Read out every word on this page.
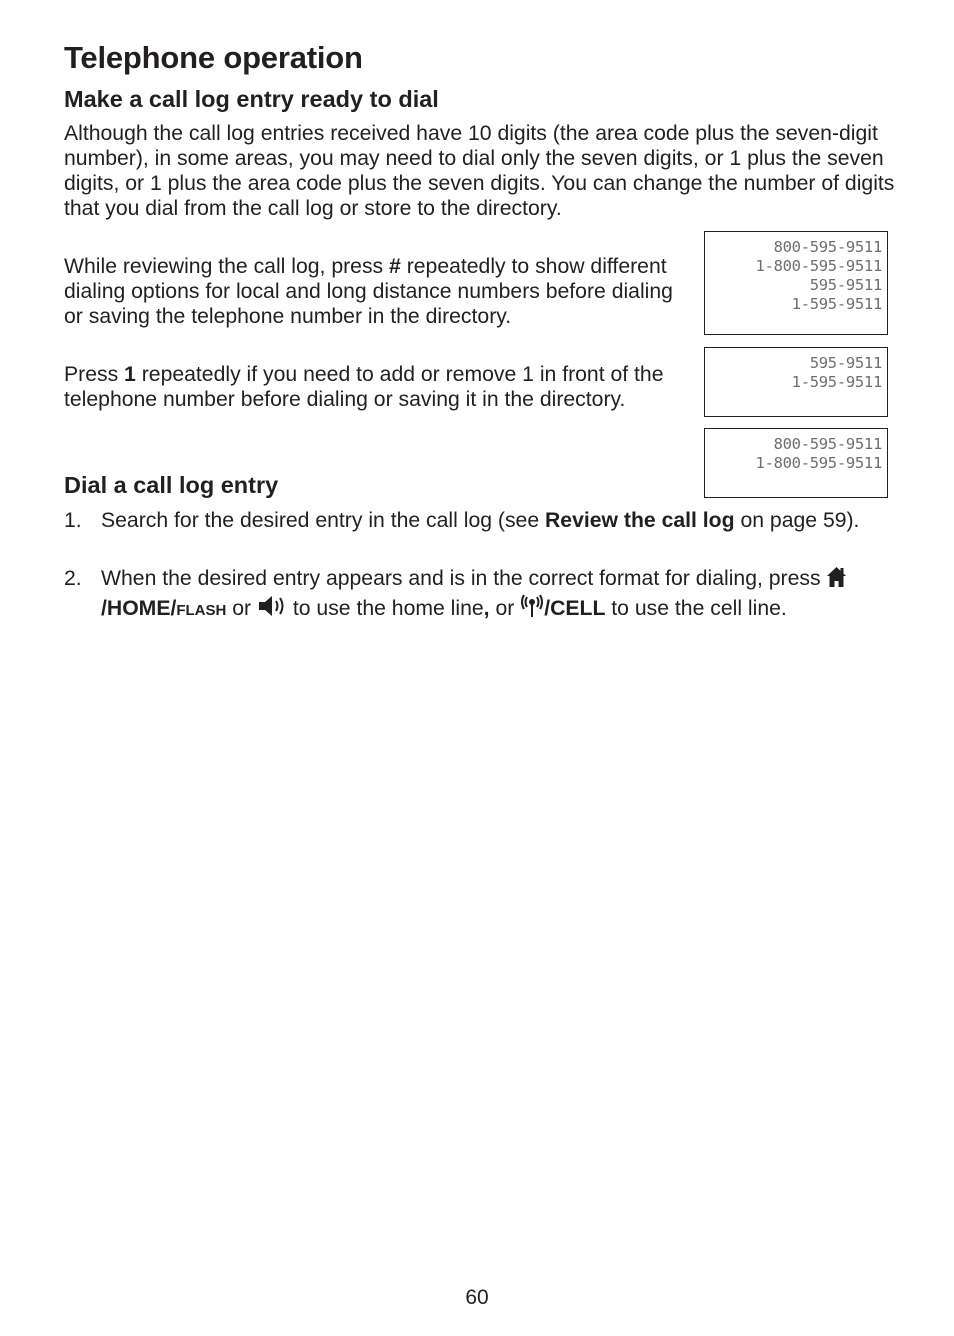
Telephone operation
Make a call log entry ready to dial

Although the call log entries received have 10 digits (the area code plus the seven-digit number), in some areas, you may need to dial only the seven digits, or 1 plus the seven digits, or 1 plus the area code plus the seven digits. You can change the number of digits that you dial from the call log or store to the directory.

While reviewing the call log, press # repeatedly to show different dialing options for local and long distance numbers before dialing or saving the telephone number in the directory.

Press 1 repeatedly if you need to add or remove 1 in front of the telephone number before dialing or saving it in the directory.

800-595-9511
1-800-595-9511
595-9511
1-595-9511
595-9511
1-595-9511
800-595-9511
1-800-595-9511
Dial a call log entry
1. Search for the desired entry in the call log (see Review the call log on page 59).
2. When the desired entry appears and is in the correct format for dialing, press /HOME/FLASH or  to use the home line, or /CELL to use the cell line.
60
